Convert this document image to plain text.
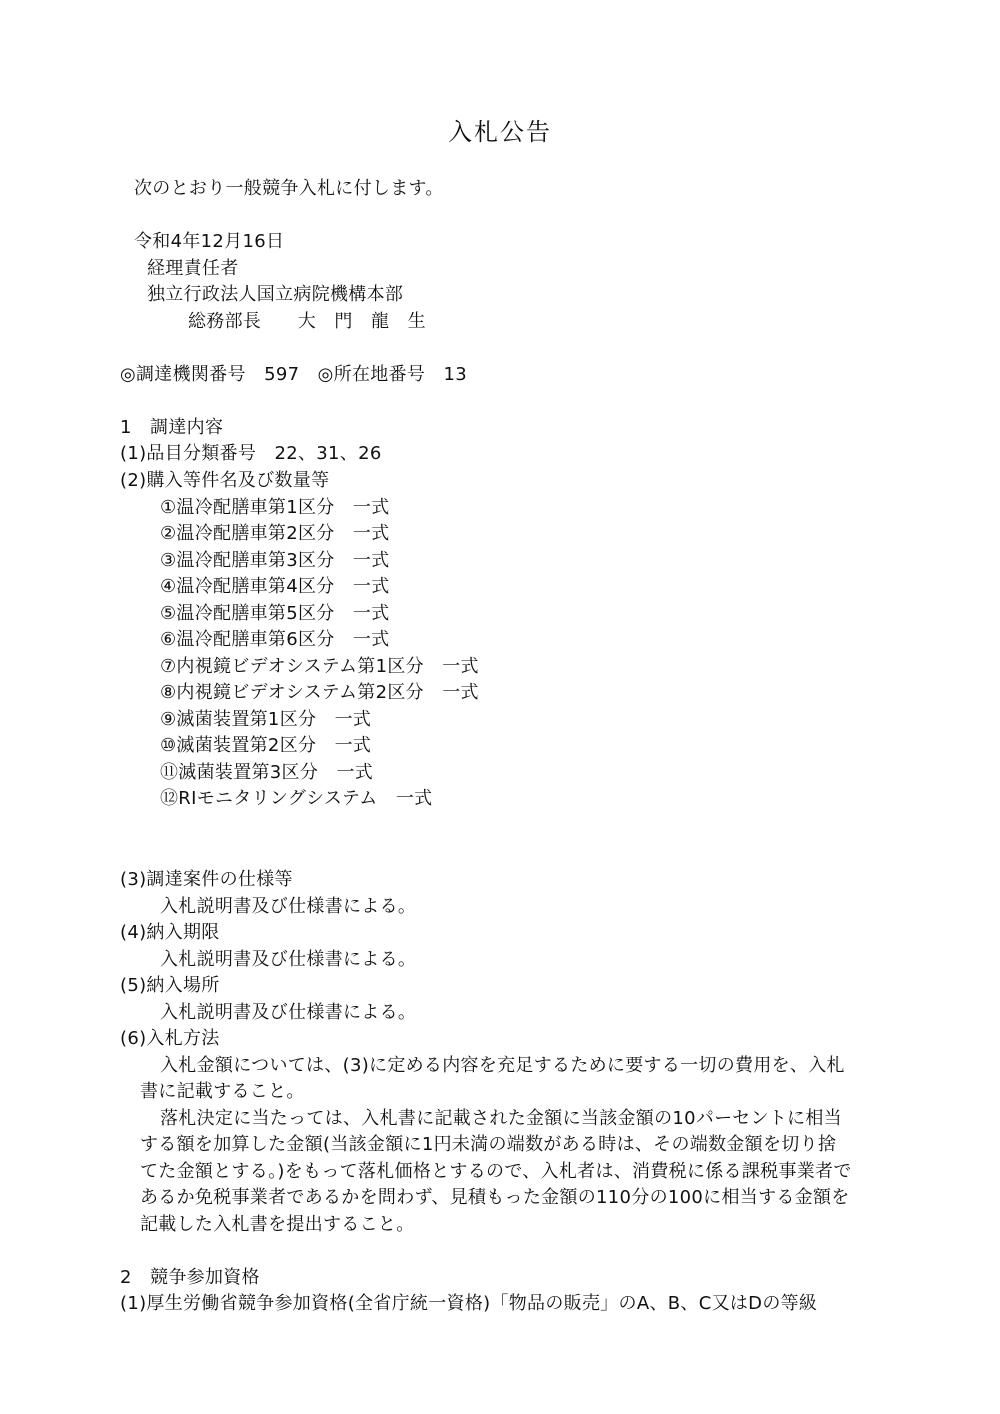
入札公告
次のとおり一般競争入札に付します。
令和4年12月16日
経理責任者
独立行政法人国立病院機構本部
総務部長　　大　門　龍　生
◎調達機関番号　597　◎所在地番号　13
1　調達内容
(1)品目分類番号　22、31、26
(2)購入等件名及び数量等
①温冷配膳車第1区分　一式
②温冷配膳車第2区分　一式
③温冷配膳車第3区分　一式
④温冷配膳車第4区分　一式
⑤温冷配膳車第5区分　一式
⑥温冷配膳車第6区分　一式
⑦内視鏡ビデオシステム第1区分　一式
⑧内視鏡ビデオシステム第2区分　一式
⑨滅菌装置第1区分　一式
⑩滅菌装置第2区分　一式
⑪滅菌装置第3区分　一式
⑫RIモニタリングシステム　一式
(3)調達案件の仕様等
入札説明書及び仕様書による。
(4)納入期限
入札説明書及び仕様書による。
(5)納入場所
入札説明書及び仕様書による。
(6)入札方法
入札金額については、(3)に定める内容を充足するために要する一切の費用を、入札
書に記載すること。
落札決定に当たっては、入札書に記載された金額に当該金額の10パーセントに相当
する額を加算した金額(当該金額に1円未満の端数がある時は、その端数金額を切り捨
てた金額とする。)をもって落札価格とするので、入札者は、消費税に係る課税事業者で
あるか免税事業者であるかを問わず、見積もった金額の110分の100に相当する金額を
記載した入札書を提出すること。
2　競争参加資格
(1)厚生労働省競争参加資格(全省庁統一資格)「物品の販売」のA、B、C又はDの等級
